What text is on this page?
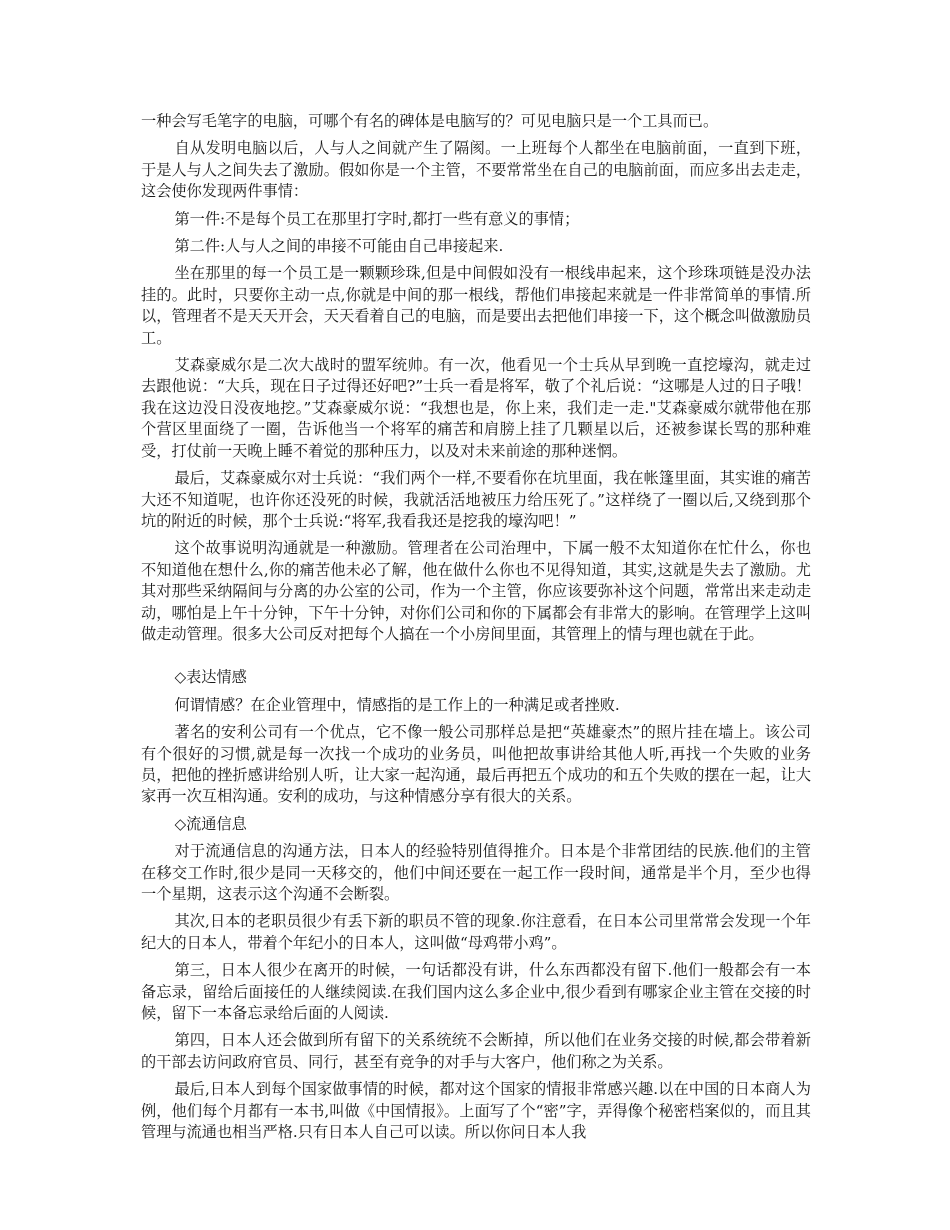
一种会写毛笔字的电脑，可哪个有名的碑体是电脑写的？可见电脑只是一个工具而已。

自从发明电脑以后，人与人之间就产生了隔阂。一上班每个人都坐在电脑前面，一直到下班，于是人与人之间失去了激励。假如你是一个主管，不要常常坐在自己的电脑前面，而应多出去走走，这会使你发现两件事情：

第一件:不是每个员工在那里打字时,都打一些有意义的事情；

第二件:人与人之间的串接不可能由自己串接起来.

坐在那里的每一个员工是一颗颗珍珠,但是中间假如没有一根线串起来，这个珍珠项链是没办法挂的。此时，只要你主动一点,你就是中间的那一根线，帮他们串接起来就是一件非常简单的事情.所以，管理者不是天天开会，天天看着自己的电脑，而是要出去把他们串接一下，这个概念叫做激励员工。

艾森豪威尔是二次大战时的盟军统帅。有一次，他看见一个士兵从早到晚一直挖壕沟，就走过去跟他说：“大兵，现在日子过得还好吧?”士兵一看是将军，敬了个礼后说：“这哪是人过的日子哦！我在这边没日没夜地挖。”艾森豪威尔说：“我想也是，你上来，我们走一走."艾森豪威尔就带他在那个营区里面绕了一圈，告诉他当一个将军的痛苦和肩膀上挂了几颗星以后，还被参谋长骂的那种难受，打仗前一天晚上睡不着觉的那种压力，以及对未来前途的那种迷惘。

最后，艾森豪威尔对士兵说：“我们两个一样,不要看你在坑里面，我在帐篷里面，其实谁的痛苦大还不知道呢，也许你还没死的时候，我就活活地被压力给压死了。”这样绕了一圈以后,又绕到那个坑的附近的时候，那个士兵说:“将军,我看我还是挖我的壕沟吧！”

这个故事说明沟通就是一种激励。管理者在公司治理中，下属一般不太知道你在忙什么，你也不知道他在想什么,你的痛苦他未必了解，他在做什么你也不见得知道，其实,这就是失去了激励。尤其对那些采纳隔间与分离的办公室的公司，作为一个主管，你应该要弥补这个问题，常常出来走动走动，哪怕是上午十分钟，下午十分钟，对你们公司和你的下属都会有非常大的影响。在管理学上这叫做走动管理。很多大公司反对把每个人搞在一个小房间里面，其管理上的情与理也就在于此。

◇表达情感

何谓情感？在企业管理中，情感指的是工作上的一种满足或者挫败.

著名的安利公司有一个优点，它不像一般公司那样总是把“英雄豪杰”的照片挂在墙上。该公司有个很好的习惯,就是每一次找一个成功的业务员，叫他把故事讲给其他人听,再找一个失败的业务员，把他的挫折感讲给别人听，让大家一起沟通，最后再把五个成功的和五个失败的摆在一起，让大家再一次互相沟通。安利的成功，与这种情感分享有很大的关系。

◇流通信息

对于流通信息的沟通方法，日本人的经验特别值得推介。日本是个非常团结的民族.他们的主管在移交工作时,很少是同一天移交的，他们中间还要在一起工作一段时间，通常是半个月，至少也得一个星期，这表示这个沟通不会断裂。

其次,日本的老职员很少有丢下新的职员不管的现象.你注意看，在日本公司里常常会发现一个年纪大的日本人，带着个年纪小的日本人，这叫做“母鸡带小鸡”。

第三，日本人很少在离开的时候，一句话都没有讲，什么东西都没有留下.他们一般都会有一本备忘录，留给后面接任的人继续阅读.在我们国内这么多企业中,很少看到有哪家企业主管在交接的时候，留下一本备忘录给后面的人阅读.

第四，日本人还会做到所有留下的关系统统不会断掉，所以他们在业务交接的时候,都会带着新的干部去访问政府官员、同行，甚至有竞争的对手与大客户，他们称之为关系。

最后,日本人到每个国家做事情的时候，都对这个国家的情报非常感兴趣.以在中国的日本商人为例，他们每个月都有一本书,叫做《中国情报》。上面写了个“密”字，弄得像个秘密档案似的，而且其管理与流通也相当严格.只有日本人自己可以读。所以你问日本人我
